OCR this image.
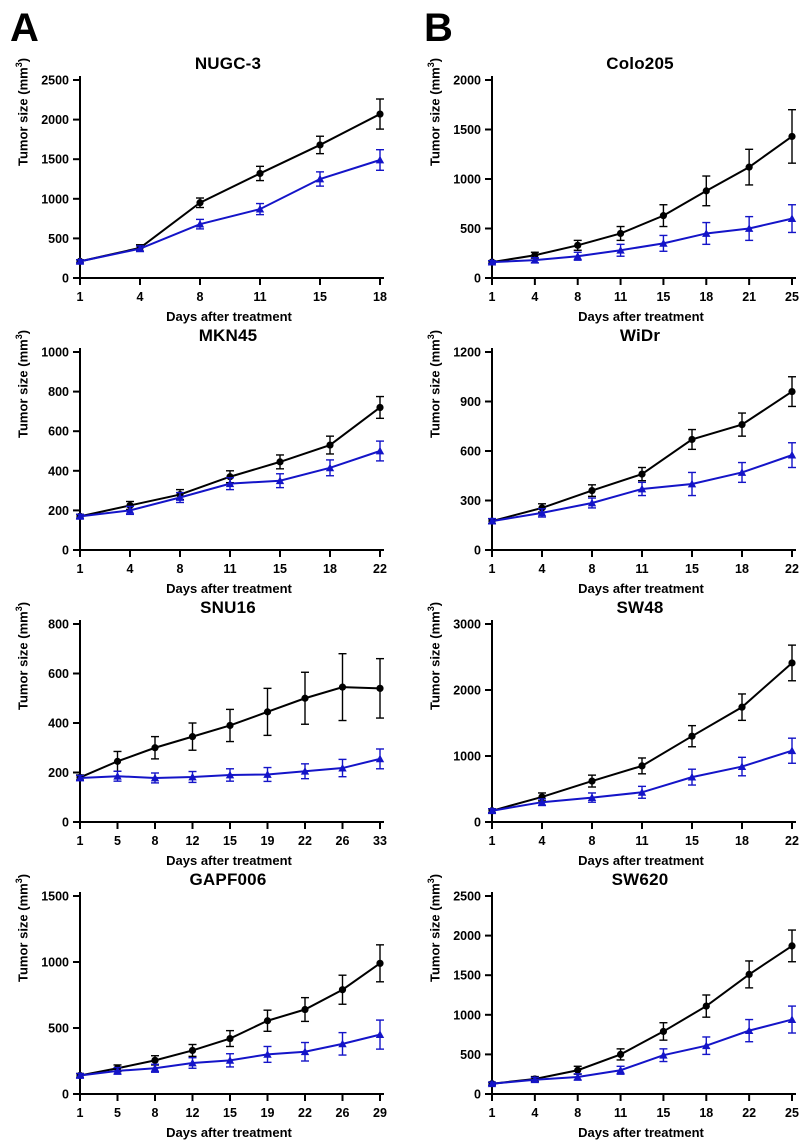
A	B
0
500
1000
1500
2000
2500
1	4	8	11	15	18
NUGC-3
Tumor size $(mm^3)$
Days after treatment
0
500
1000
1500
2000
1	4	8	11 15 18 21 25
Colo205
Tumor size $(mm^3)$
Days after treatment
0
200
400
600
800
1000
1	4	8	11	15	18	22
MKN45
Tumor size $(mm^3)$
Days after treatment
0
300
600
900
1200
1	4	8	11	15	18	22
WiDr
Tumor size $(mm^3)$
Days after treatment
0
200
400
600
800
1 5 8 12 15 19 22 26 33
SNU16
Tumor size $(mm^3)$
Days after treatment
0
1000
2000
3000
1	4	8	11	15	18	22
SW48
Tumor size $(mm^3)$
Days after treatment
0
500
1000
1500
1 5 8 12 15 19 22 26 29
GAPF006
Tumor size $(mm^3)$
Days after treatment
0
500
1000
1500
2000
2500
1	4	8	11 15 18 22 25
SW620
Tumor size $(mm^3)$
Days after treatment
